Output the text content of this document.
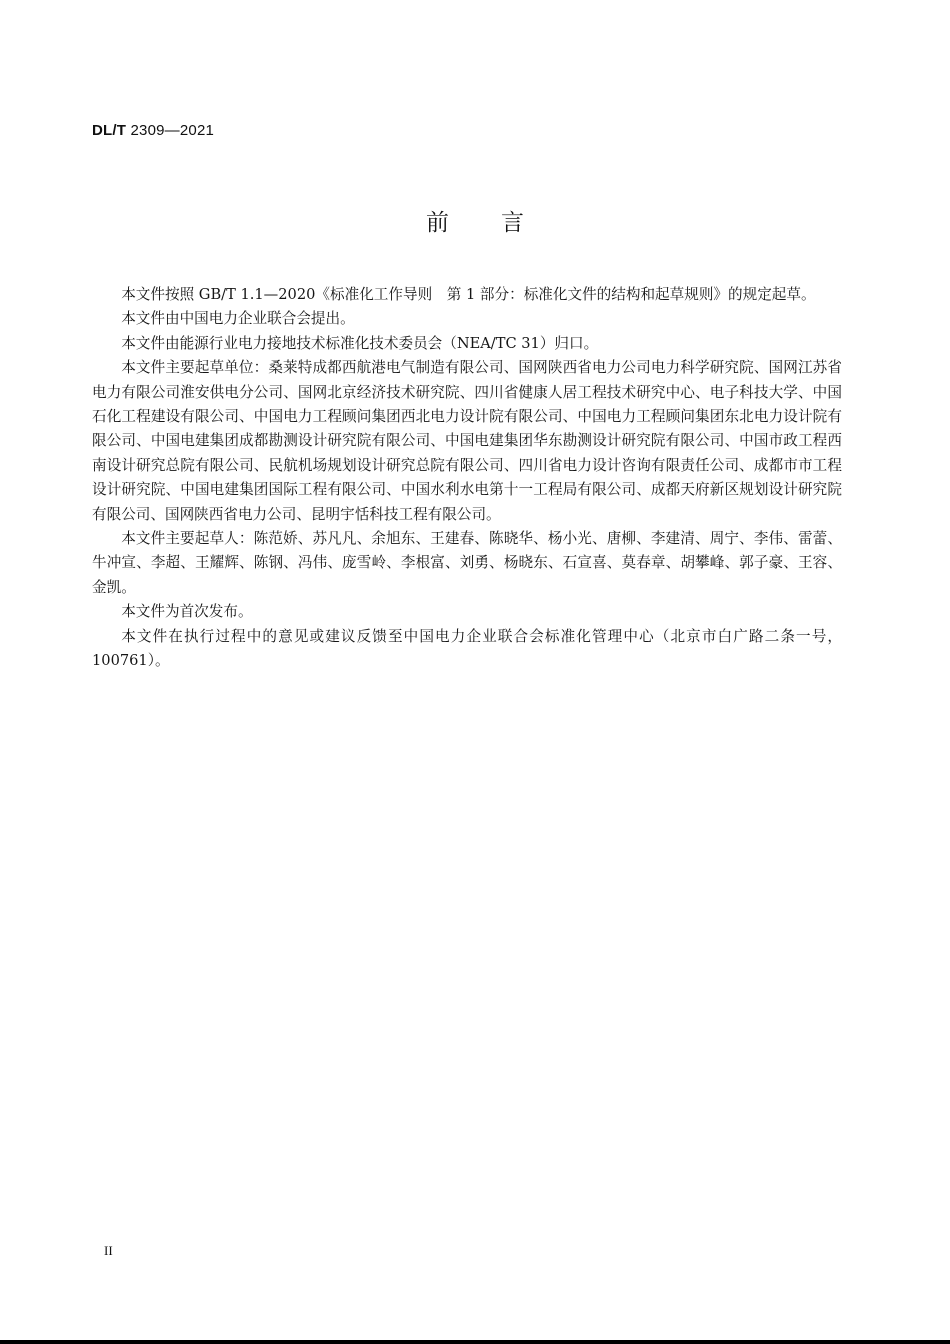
DL/T 2309—2021
前 言

本文件按照 GB/T 1.1—2020《标准化工作导则　第 1 部分：标准化文件的结构和起草规则》的规定起草。

本文件由中国电力企业联合会提出。

本文件由能源行业电力接地技术标准化技术委员会（NEA/TC 31）归口。

本文件主要起草单位：桑莱特成都西航港电气制造有限公司、国网陕西省电力公司电力科学研究院、国网江苏省电力有限公司淮安供电分公司、国网北京经济技术研究院、四川省健康人居工程技术研究中心、电子科技大学、中国石化工程建设有限公司、中国电力工程顾问集团西北电力设计院有限公司、中国电力工程顾问集团东北电力设计院有限公司、中国电建集团成都勘测设计研究院有限公司、中国电建集团华东勘测设计研究院有限公司、中国市政工程西南设计研究总院有限公司、民航机场规划设计研究总院有限公司、四川省电力设计咨询有限责任公司、成都市市工程设计研究院、中国电建集团国际工程有限公司、中国水利水电第十一工程局有限公司、成都天府新区规划设计研究院有限公司、国网陕西省电力公司、昆明宇恬科技工程有限公司。

本文件主要起草人：陈范娇、苏凡凡、余旭东、王建春、陈晓华、杨小光、唐柳、李建清、周宁、李伟、雷蕾、牛冲宣、李超、王耀辉、陈钢、冯伟、庞雪岭、李根富、刘勇、杨晓东、石宣喜、莫春章、胡攀峰、郭子豪、王容、金凯。

本文件为首次发布。

本文件在执行过程中的意见或建议反馈至中国电力企业联合会标准化管理中心（北京市白广路二条一号，100761）。

II
